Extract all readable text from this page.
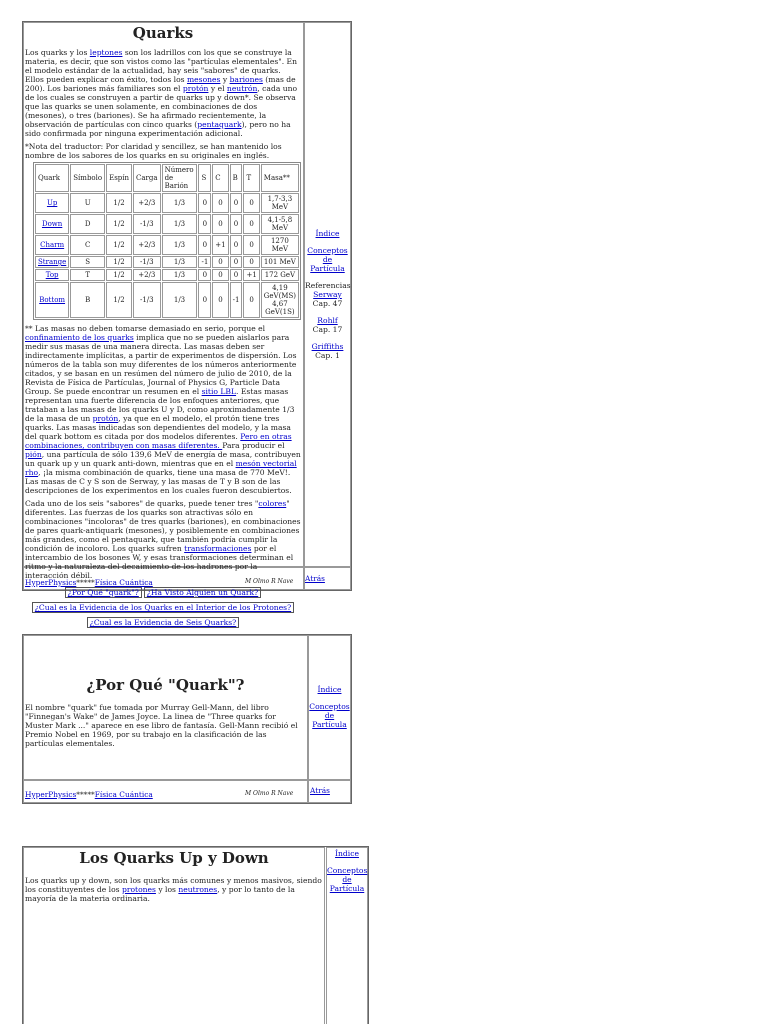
Quarks

Los quarks y los leptones son los ladrillos con los que se construye la materia, es decir, que son vistos como las "partículas elementales". En el modelo estándar de la actualidad, hay seis "sabores" de quarks. Ellos pueden explicar con éxito, todos los mesones y bariones (mas de 200). Los bariones más familiares son el protón y el neutrón, cada uno de los cuales se construyen a partir de quarks up y down*. Se observa que las quarks se unen solamente, en combinaciones de dos (mesones), o tres (bariones). Se ha afirmado recientemente, la observación de partículas con cinco quarks (pentaquark), pero no ha sido confirmada por ninguna experimentación adicional.

*Nota del traductor: Por claridad y sencillez, se han mantenido los nombre de los sabores de los quarks en su originales en inglés.

Quark	Símbolo	Espín	Carga	Número de Barión	S	C	B	T	Masa**
Up	U	1/2	+2/3	1/3	0	0	0	0	1,7-3,3 MeV
Down	D	1/2	-1/3	1/3	0	0	0	0	4,1-5,8 MeV
Charm	C	1/2	+2/3	1/3	0	+1	0	0	1270 MeV
Strange	S	1/2	-1/3	1/3	-1	0	0	0	101 MeV
Top	T	1/2	+2/3	1/3	0	0	0	+1	172 GeV
Bottom	B	1/2	-1/3	1/3	0	0	-1	0	4,19 GeV(MS)
4,67 GeV(1S)

** Las masas no deben tomarse demasiado en serio, porque el confinamiento de los quarks implica que no se pueden aislarlos para medir sus masas de una manera directa. Las masas deben ser indirectamente implícitas, a partir de experimentos de dispersión. Los números de la tabla son muy diferentes de los números anteriormente citados, y se basan en un resúmen del número de julio de 2010, de la Revista de Física de Partículas, Journal of Physics G, Particle Data Group. Se puede encontrar un resumen en el sitio LBL. Estas masas representan una fuerte diferencia de los enfoques anteriores, que trataban a las masas de los quarks U y D, como aproximadamente 1/3 de la masa de un protón, ya que en el modelo, el protón tiene tres quarks. Las masas indicadas son dependientes del modelo, y la masa del quark bottom es citada por dos modelos diferentes. Pero en otras combinaciones, contribuyen con masas diferentes. Para producir el pión, una partícula de sólo 139,6 MeV de energía de masa, contribuyen un quark up y un quark anti-down, mientras que en el mesón vectorial rho, ¡la misma combinación de quarks, tiene una masa de 770 MeV!. Las masas de C y S son de Serway, y las masas de T y B son de las descripciones de los experimentos en los cuales fueron descubiertos.

Cada uno de los seis "sabores" de quarks, puede tener tres "colores" diferentes. Las fuerzas de los quarks son atractivas sólo en combinaciones "incoloras" de tres quarks (bariones), en combinaciones de pares quark-antiquark (mesones), y posiblemente en combinaciones más grandes, como el pentaquark, que también podría cumplir la condición de incoloro. Los quarks sufren transformaciones por el intercambio de los bosones W, y esas transformaciones determinan el ritmo y la naturaleza del decaimiento de los hadrones por la interacción débil.

¿Por Qué "quark"? ¿Ha Visto Alguien un Quark?
¿Cual es la Evidencia de los Quarks en el Interior de los Protones?
¿Cual es la Evidencia de Seis Quarks?
Índice
Conceptos de Partícula
Referencias
Serway
Cap. 47
Rohlf
Cap. 17
Griffiths
Cap. 1
HyperPhysics*****Física Cuántica	M Olmo R Nave Atrás
¿Por Qué "Quark"?

El nombre "quark" fue tomada por Murray Gell-Mann, del libro "Finnegan's Wake" de James Joyce. La linea de "Three quarks for Muster Mark ..." aparece en ese libro de fantasía. Gell-Mann recibió el Premio Nobel en 1969, por su trabajo en la clasificación de las partículas elementales.

Índice
Conceptos de Partícula
HyperPhysics*****Física Cuántica	M Olmo R Nave Atrás
Los Quarks Up y Down

Los quarks up y down, son los quarks más comunes y menos masivos, siendo los constituyentes de los protones y los neutrones, y por lo tanto de la mayoría de la materia ordinaria.

Índice
Conceptos de Partícula
